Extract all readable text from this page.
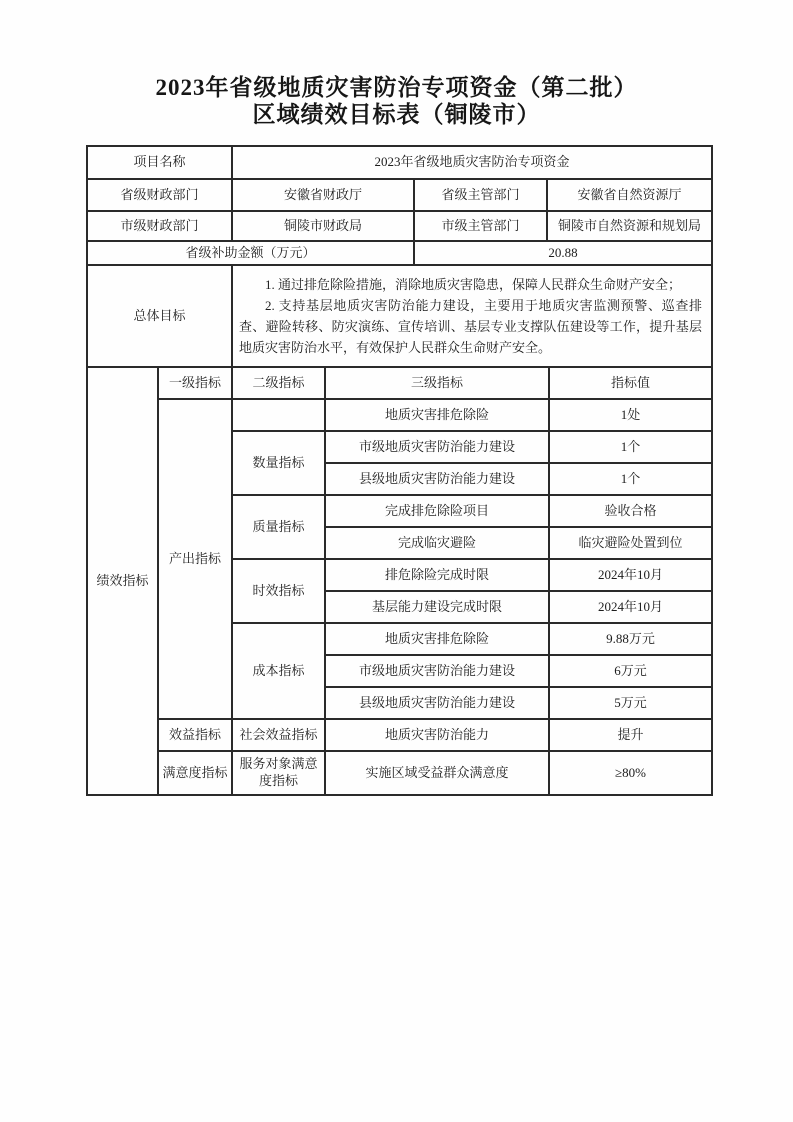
2023年省级地质灾害防治专项资金（第二批）
区域绩效目标表（铜陵市）
项目名称	2023年省级地质灾害防治专项资金		
省级财政部门	安徽省财政厅	省级主管部门	安徽省自然资源厅
市级财政部门	铜陵市财政局	市级主管部门	铜陵市自然资源和规划局
省级补助金额（万元）		20.88	
总体目标	1. 通过排危除险措施，消除地质灾害隐患，保障人民群众生命财产安全；

2. 支持基层地质灾害防治能力建设，主要用于地质灾害监测预警、巡查排查、避险转移、防灾演练、宣传培训、基层专业支撑队伍建设等工作，提升基层地质灾害防治水平，有效保护人民群众生命财产安全。		

绩效指标	一级指标	二级指标	三级指标	指标值
	产出指标		地质灾害排危除险	1处
		数量指标	市级地质灾害防治能力建设	1个
			县级地质灾害防治能力建设	1个
		质量指标	完成排危除险项目	验收合格
			完成临灾避险	临灾避险处置到位
		时效指标	排危除险完成时限	2024年10月
			基层能力建设完成时限	2024年10月
		成本指标	地质灾害排危除险	9.88万元
			市级地质灾害防治能力建设	6万元
			县级地质灾害防治能力建设	5万元
	效益指标	社会效益指标	地质灾害防治能力	提升
	满意度指标	服务对象满意度指标	实施区域受益群众满意度	≥80%
